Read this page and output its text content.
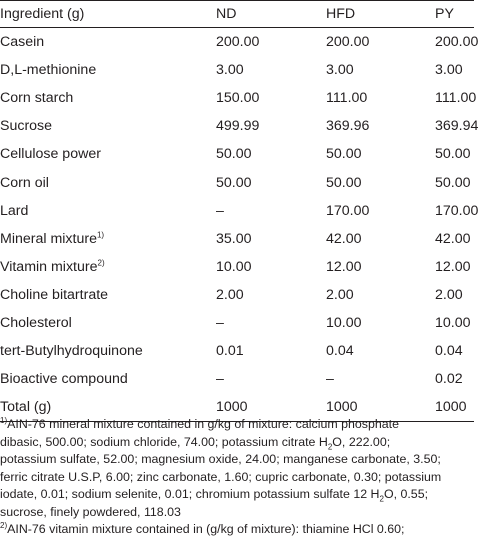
Ingredient (g)	ND	HFD	PY
Casein	200.00	200.00	200.00
D,L-methionine	3.00	3.00	3.00
Corn starch	150.00	111.00	111.00
Sucrose	499.99	369.96	369.94
Cellulose power	50.00	50.00	50.00
Corn oil	50.00	50.00	50.00
Lard	–	170.00	170.00
Mineral mixture$^{1)}$	35.00	42.00	42.00
Vitamin mixture$^{2)}$	10.00	12.00	12.00
Choline bitartrate	2.00	2.00	2.00
Cholesterol	–	10.00	10.00
tert-Butylhydroquinone	0.01	0.04	0.04
Bioactive compound	–	–	0.02
Total (g)	1000	1000	1000
$^{1)}$AIN-76 mineral mixture contained in g/kg of mixture: calcium phosphate
dibasic, 500.00; sodium chloride, 74.00; potassium citrate $H_2O$, 222.00;
potassium sulfate, 52.00; magnesium oxide, 24.00; manganese carbonate, 3.50;
ferric citrate U.S.P, 6.00; zinc carbonate, 1.60; cupric carbonate, 0.30; potassium
iodate, 0.01; sodium selenite, 0.01; chromium potassium sulfate 12 $H_2O$, 0.55;
sucrose, finely powdered, 118.03
$^{2)}$AIN-76 vitamin mixture contained in (g/kg of mixture): thiamine HCl 0.60;
